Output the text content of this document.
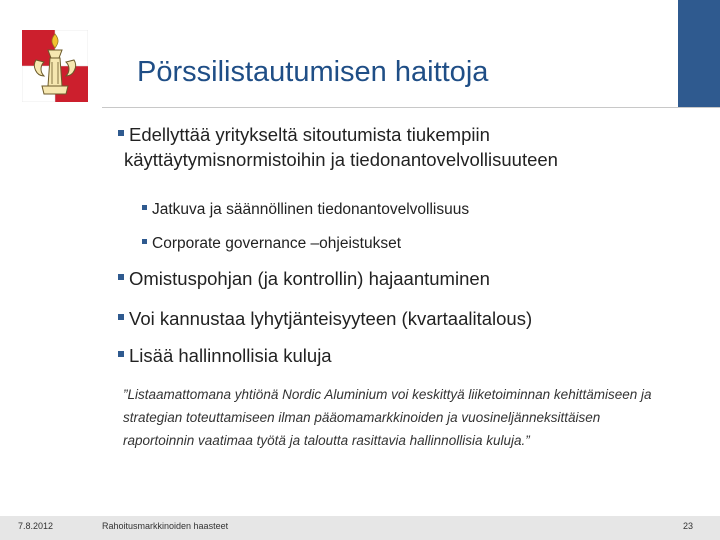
Pörssilistautumisen haittoja
Edellyttää yritykseltä sitoutumista tiukempiin
käyttäytymisnormistoihin ja tiedonantovelvollisuuteen
Jatkuva ja säännöllinen tiedonantovelvollisuus
Corporate governance –ohjeistukset
Omistuspohjan (ja kontrollin) hajaantuminen
Voi kannustaa lyhytjänteisyyteen (kvartaalitalous)
Lisää hallinnollisia kuluja
”Listaamattomana yhtiönä Nordic Aluminium voi keskittyä liiketoiminnan kehittämiseen ja strategian toteuttamiseen ilman pääomamarkkinoiden ja vuosineljänneksittäisen raportoinnin vaatimaa työtä ja taloutta rasittavia hallinnollisia kuluja.”
7.8.2012	Rahoitusmarkkinoiden haasteet	23
